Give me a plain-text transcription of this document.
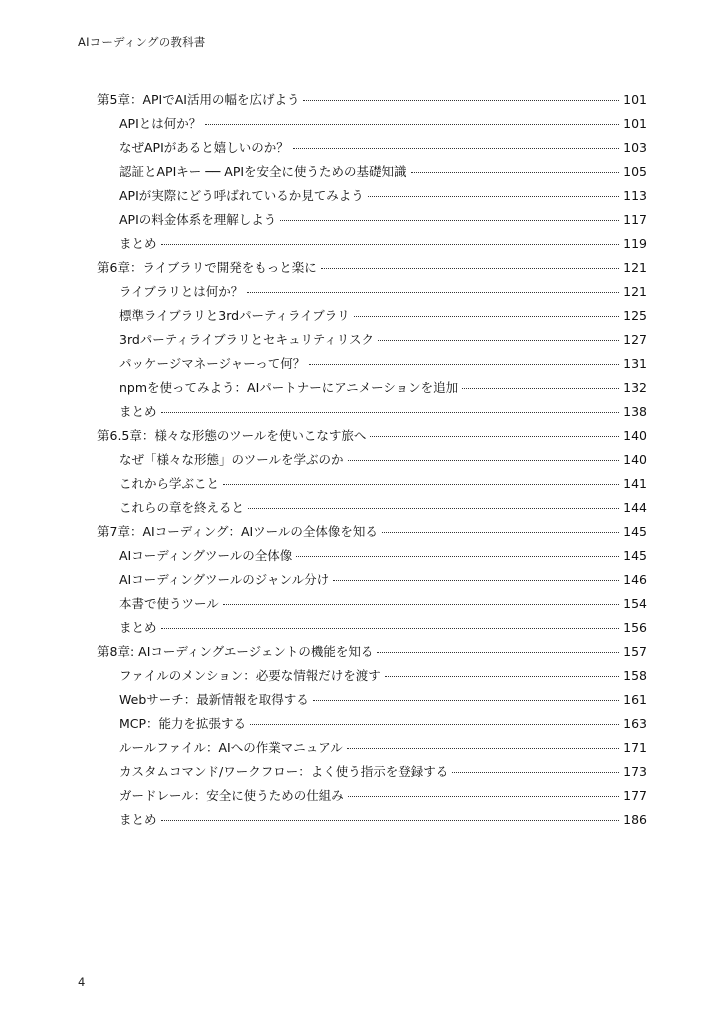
AIコーディングの教科書
第5章：APIでAI活用の幅を広げよう	101
APIとは何か？	101
なぜAPIがあると嬉しいのか？	103
認証とAPIキー ── APIを安全に使うための基礎知識	105
APIが実際にどう呼ばれているか見てみよう	113
APIの料金体系を理解しよう	117
まとめ	119
第6章：ライブラリで開発をもっと楽に	121
ライブラリとは何か？	121
標準ライブラリと3rdパーティライブラリ	125
3rdパーティライブラリとセキュリティリスク	127
パッケージマネージャーって何？	131
npmを使ってみよう：AIパートナーにアニメーションを追加	132
まとめ	138
第6.5章：様々な形態のツールを使いこなす旅へ	140
なぜ「様々な形態」のツールを学ぶのか	140
これから学ぶこと	141
これらの章を終えると	144
第7章：AIコーディング：AIツールの全体像を知る	145
AIコーディングツールの全体像	145
AIコーディングツールのジャンル分け	146
本書で使うツール	154
まとめ	156
第8章: AIコーディングエージェントの機能を知る	157
ファイルのメンション：必要な情報だけを渡す	158
Webサーチ：最新情報を取得する	161
MCP：能力を拡張する	163
ルールファイル：AIへの作業マニュアル	171
カスタムコマンド/ワークフロー：よく使う指示を登録する	173
ガードレール：安全に使うための仕組み	177
まとめ	186
4
